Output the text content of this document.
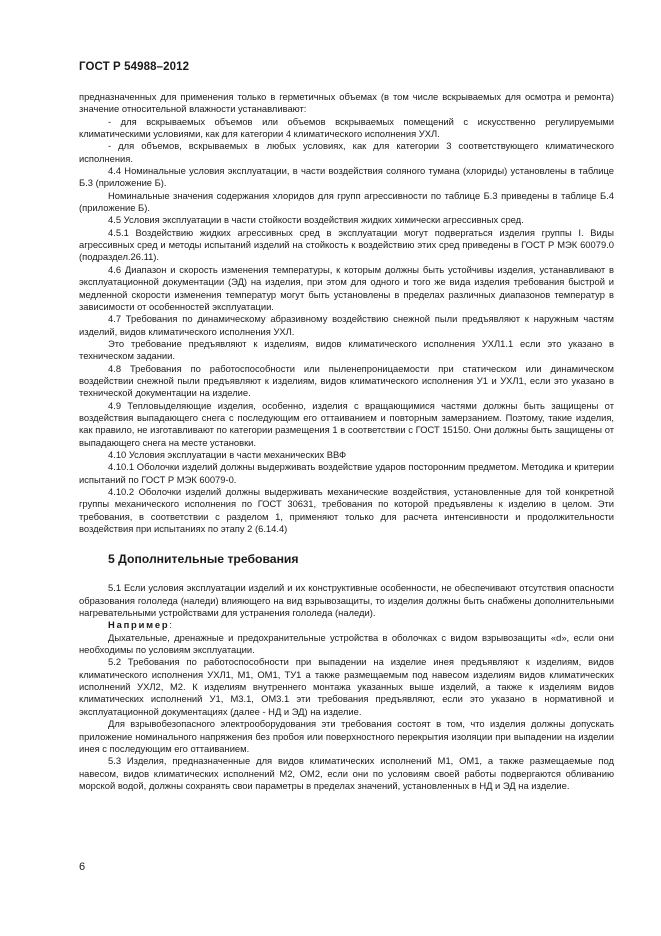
ГОСТ Р 54988–2012

предназначенных для применения только в герметичных объемах (в том числе вскрываемых для осмотра и ремонта) значение относительной влажности устанавливают:

- для вскрываемых объемов или объемов вскрываемых помещений с искусственно регулируемыми климатическими условиями, как для категории 4 климатического исполнения УХЛ.

- для объемов, вскрываемых в любых условиях, как для категории 3 соответствующего климатического исполнения.

4.4 Номинальные условия эксплуатации, в части воздействия соляного тумана (хлориды) установлены в таблице Б.3 (приложение Б).

Номинальные значения содержания хлоридов для групп агрессивности по таблице Б.3 приведены в таблице Б.4 (приложение Б).

4.5 Условия эксплуатации в части стойкости воздействия жидких химически агрессивных сред.

4.5.1 Воздействию жидких агрессивных сред в эксплуатации могут подвергаться изделия группы I. Виды агрессивных сред и методы испытаний изделий на стойкость к воздействию этих сред приведены в ГОСТ Р МЭК 60079.0 (подраздел.26.11).

4.6 Диапазон и скорость изменения температуры, к которым должны быть устойчивы изделия, устанавливают в эксплуатационной документации (ЭД) на изделия, при этом для одного и того же вида изделия требования быстрой и медленной скорости изменения температур могут быть установлены в пределах различных диапазонов температур в зависимости от особенностей эксплуатации.

4.7 Требования по динамическому абразивному воздействию снежной пыли предъявляют к наружным частям изделий, видов климатического исполнения УХЛ.

Это требование предъявляют к изделиям, видов климатического исполнения УХЛ1.1 если это указано в техническом задании.

4.8 Требования по работоспособности или пыленепроницаемости при статическом или динамическом воздействии снежной пыли предъявляют к изделиям, видов климатического исполнения У1 и УХЛ1, если это указано в технической документации на изделие.

4.9 Тепловыделяющие изделия, особенно, изделия с вращающимися частями должны быть защищены от воздействия выпадающего снега с последующим его оттаиванием и повторным замерзанием. Поэтому, такие изделия, как правило, не изготавливают по категории размещения 1 в соответствии с ГОСТ 15150. Они должны быть защищены от выпадающего снега на месте установки.

4.10 Условия эксплуатации в части механических ВВФ

4.10.1 Оболочки изделий должны выдерживать воздействие ударов посторонним предметом. Методика и критерии испытаний по ГОСТ Р МЭК 60079-0.

4.10.2 Оболочки изделий должны выдерживать механические воздействия, установленные для той конкретной группы механического исполнения по ГОСТ 30631, требования по которой предъявлены к изделию в целом. Эти требования, в соответствии с разделом 1, применяют только для расчета интенсивности и продолжительности воздействия при испытаниях по этапу 2 (6.14.4)

5 Дополнительные требования

5.1 Если условия эксплуатации изделий и их конструктивные особенности, не обеспечивают отсутствия опасности образования гололеда (наледи) влияющего на вид взрывозащиты, то изделия должны быть снабжены дополнительными нагревательными устройствами для устранения гололеда (наледи).

Например:

Дыхательные, дренажные и предохранительные устройства в оболочках с видом взрывозащиты «d», если они необходимы по условиям эксплуатации.

5.2 Требования по работоспособности при выпадении на изделие инея предъявляют к изделиям, видов климатического исполнения УХЛ1, М1, ОМ1, ТУ1 а также размещаемым под навесом изделиям видов климатических исполнений УХЛ2, М2. К изделиям внутреннего монтажа указанных выше изделий, а также к изделиям видов климатических исполнений У1, М3.1, ОМ3.1 эти требования предъявляют, если это указано в нормативной и эксплуатационной документациях (далее - НД и ЭД) на изделие.

Для взрывобезопасного электрооборудования эти требования состоят в том, что изделия должны допускать приложение номинального напряжения без пробоя или поверхностного перекрытия изоляции при выпадении на изделии инея с последующим его оттаиванием.

5.3 Изделия, предназначенные для видов климатических исполнений М1, ОМ1, а также размещаемые под навесом, видов климатических исполнений М2, ОМ2, если они по условиям своей работы подвергаются обливанию морской водой, должны сохранять свои параметры в пределах значений, установленных в НД и ЭД на изделие.

6
